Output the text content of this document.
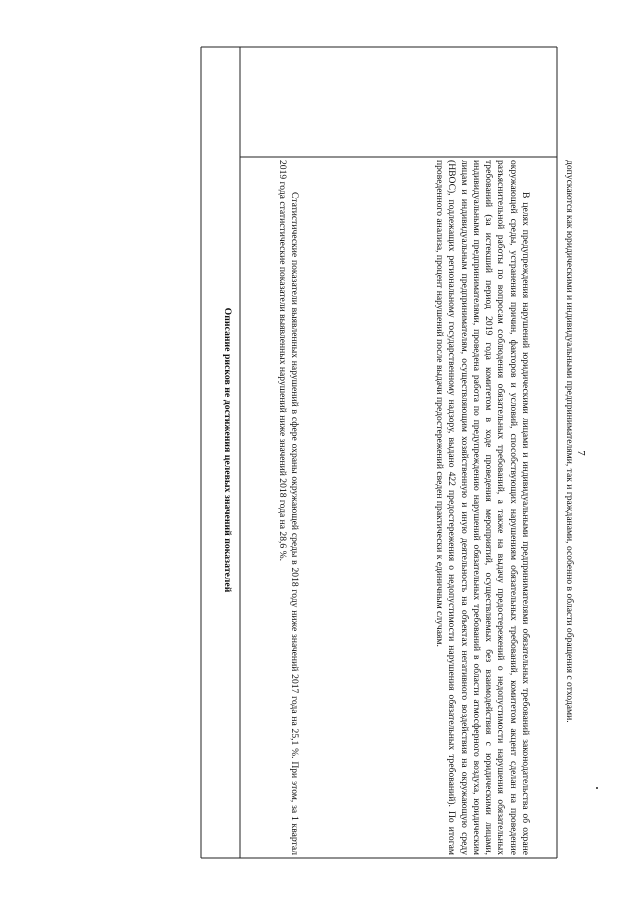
7

допускаются как юридическими и индивидуальными предпринимателями, так и гражданами, особенно в области обращения с отходами.

В целях предупреждения нарушений юридическими лицами и индивидуальными предпринимателями обязательных требований законодательства об охране окружающей среды, устранения причин, факторов и условий, способствующих нарушениям обязательных требований, комитетом акцент сделан на проведение разъяснительной работы по вопросам соблюдения обязательных требований, а также на выдачу предостережений о недопустимости нарушения обязательных требований (за истекший период 2019 года комитетом в ходе проведения мероприятий, осуществляемых без взаимодействия с юридическими лицами, индивидуальными предпринимателями, проведена работа по предупреждению нарушений обязательных требований в области атмосферного воздуха, юридическим лицам и индивидуальным предпринимателям, осуществляющим хозяйственную и иную деятельность на объектах негативного воздействия на окружающую среду (НВОС), подлежащих региональному государственному надзору, выдано 422 предостережения о недопустимости нарушения обязательных требований). По итогам проведенного анализа, процент нарушений после выдачи предостережений сведен практически к единичным случаям.

Статистические показатели выявленных нарушений в сфере охраны окружающей среды в 2018 году ниже значений 2017 года на 25,1 %. При этом, за 1 квартал 2019 года статистические показатели выявленных нарушений ниже значений 2018 года на 28,6 %.

Описание рисков не достижения целевых значений показателей
